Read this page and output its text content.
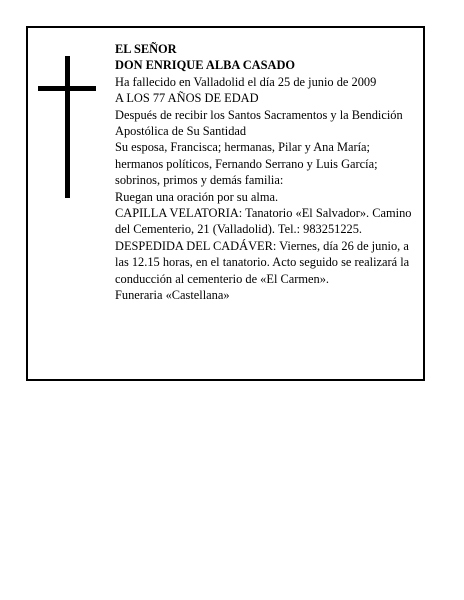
EL SEÑOR

DON ENRIQUE ALBA CASADO

Ha fallecido en Valladolid el día 25 de junio de 2009

A LOS 77 AÑOS DE EDAD

Después de recibir los Santos Sacramentos y la Bendición Apostólica de Su Santidad

Su esposa, Francisca; hermanas, Pilar y Ana María; hermanos políticos, Fernando Serrano y Luis García; sobrinos, primos y demás familia:

Ruegan una oración por su alma.

CAPILLA VELATORIA: Tanatorio «El Salvador». Camino del Cementerio, 21 (Valladolid). Tel.: 983251225.

DESPEDIDA DEL CADÁVER: Viernes, día 26 de junio, a las 12.15 horas, en el tanatorio. Acto seguido se realizará la conducción al cementerio de «El Carmen».

Funeraria «Castellana»
